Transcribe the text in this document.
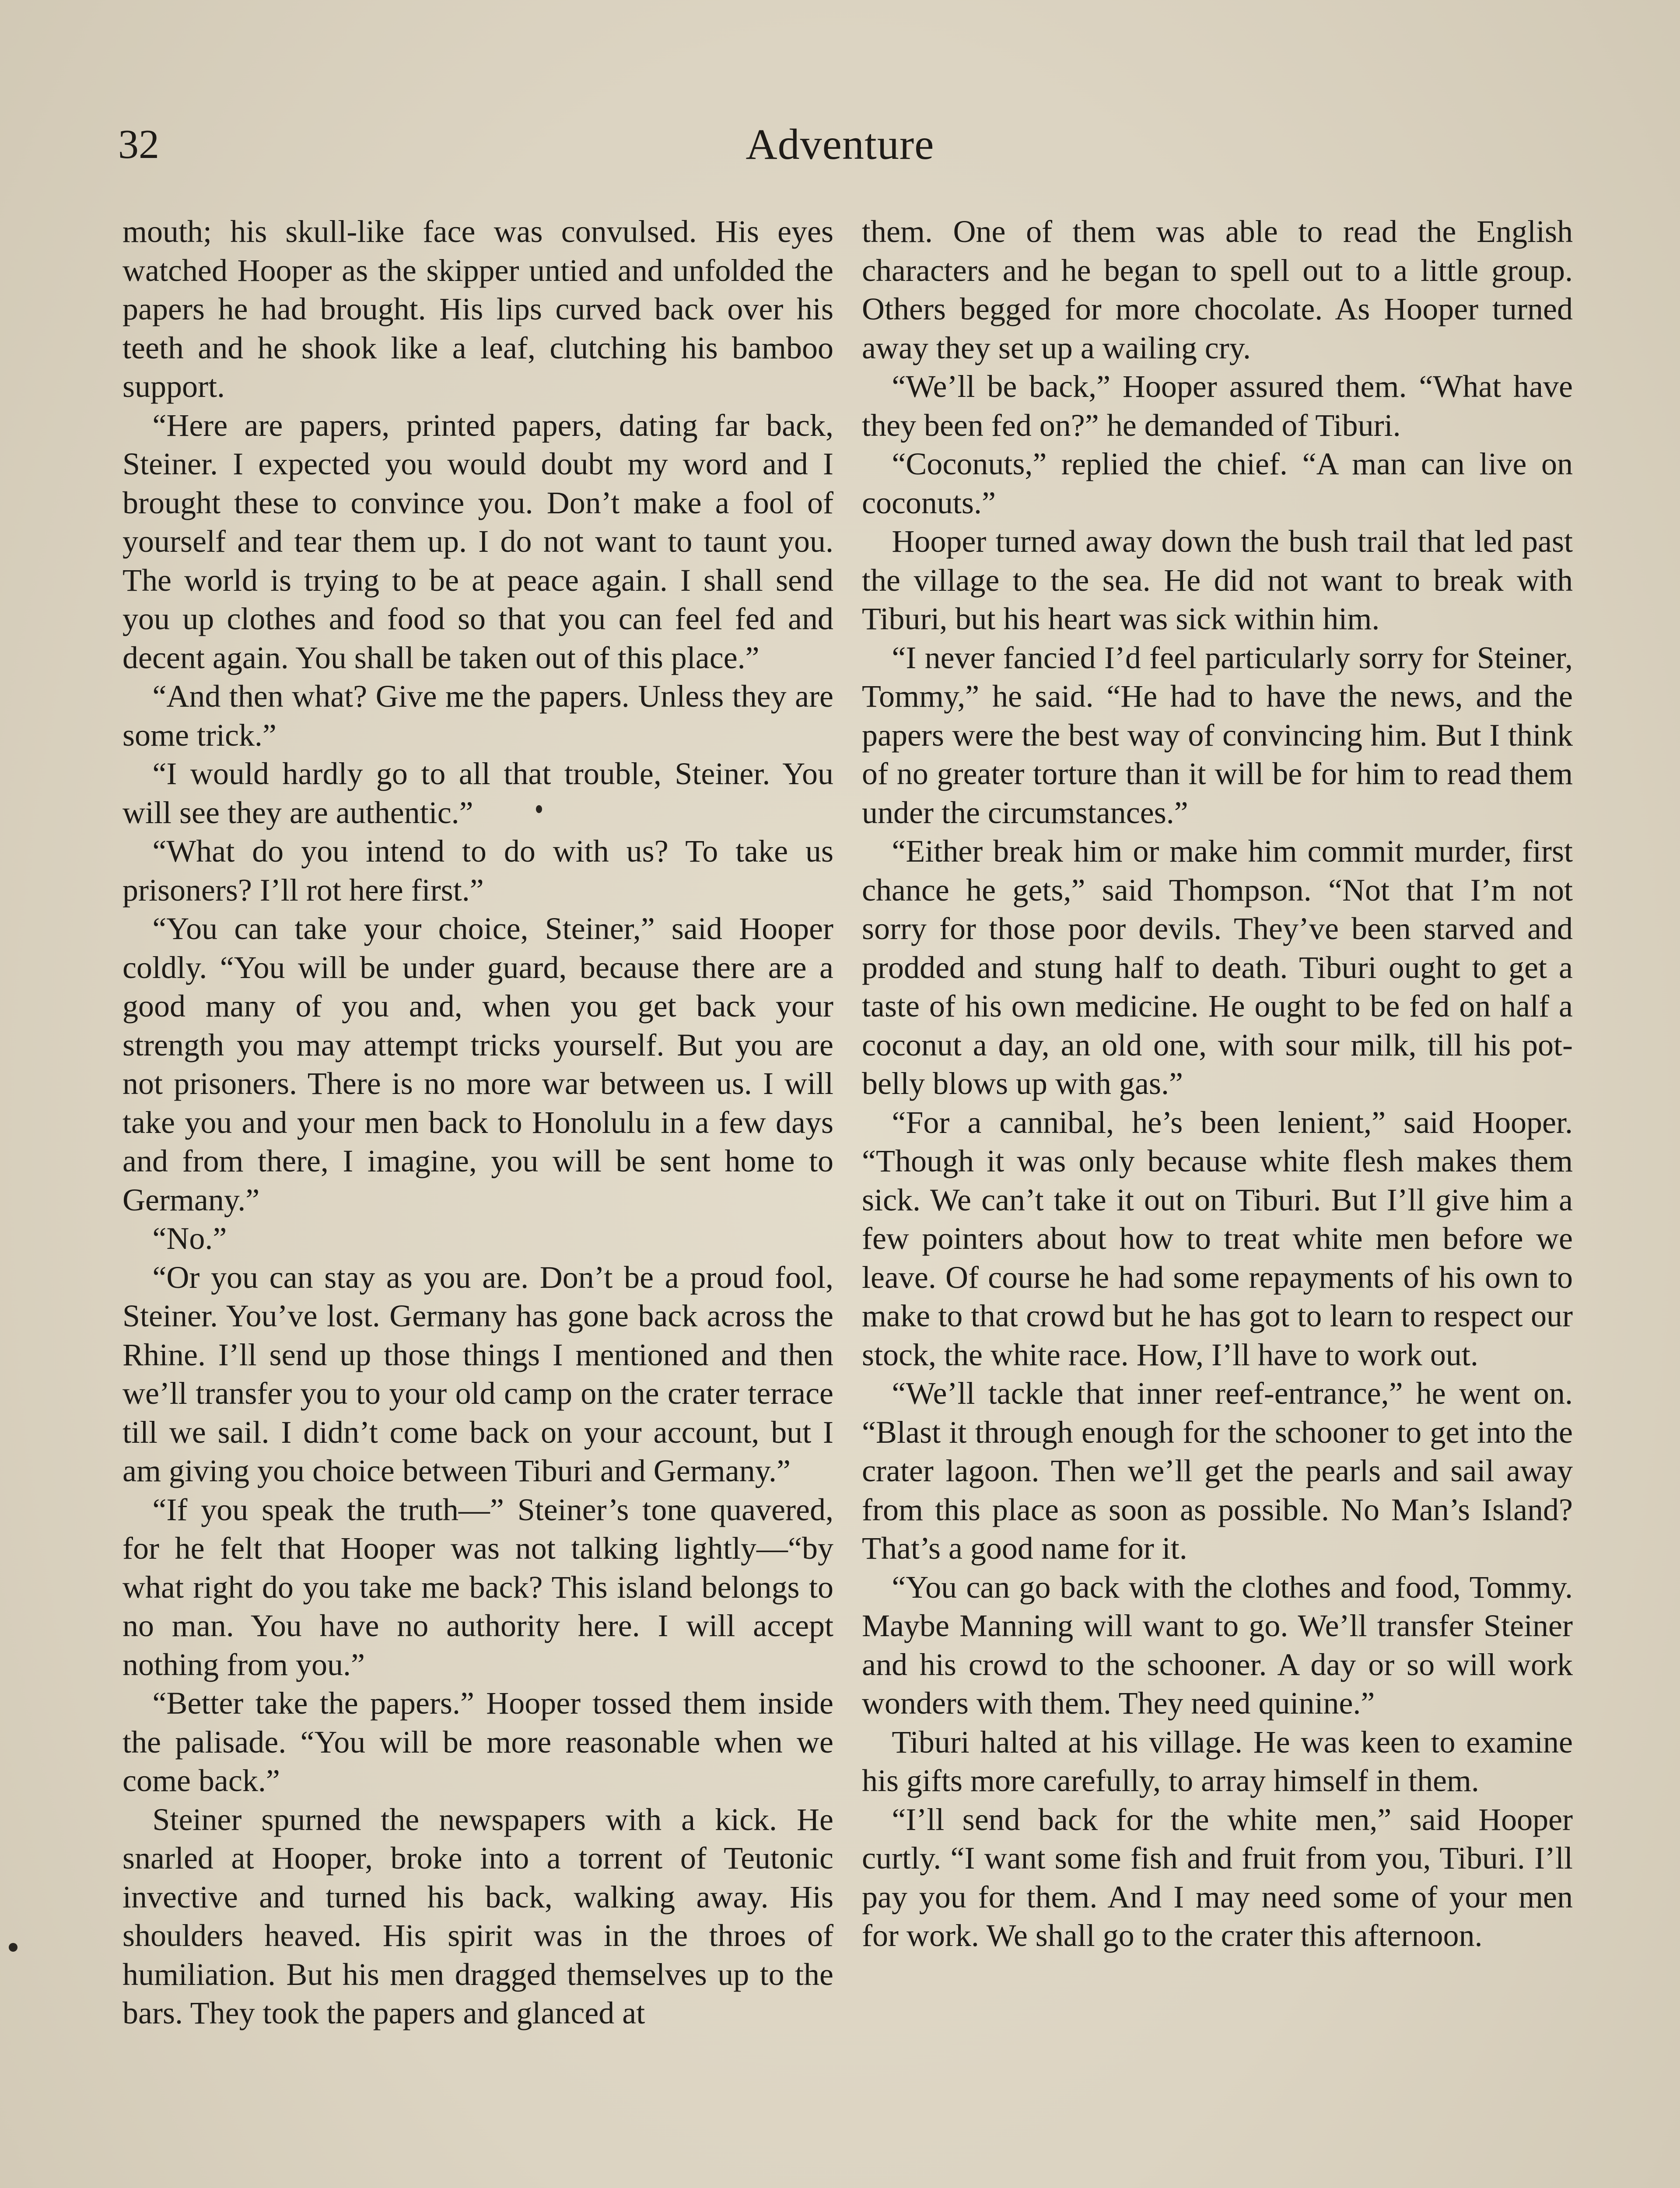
32	Adventure

mouth; his skull-like face was convulsed. His eyes watched Hooper as the skipper untied and unfolded the papers he had brought. His lips curved back over his teeth and he shook like a leaf, clutching his bamboo support.

“Here are papers, printed papers, dating far back, Steiner. I expected you would doubt my word and I brought these to convince you. Don’t make a fool of yourself and tear them up. I do not want to taunt you. The world is trying to be at peace again. I shall send you up clothes and food so that you can feel fed and decent again. You shall be taken out of this place.”

“And then what? Give me the papers. Unless they are some trick.”

“I would hardly go to all that trouble, Steiner. You will see they are authentic.”

“What do you intend to do with us? To take us prisoners? I’ll rot here first.”

“You can take your choice, Steiner,” said Hooper coldly. “You will be under guard, because there are a good many of you and, when you get back your strength you may attempt tricks yourself. But you are not prisoners. There is no more war between us. I will take you and your men back to Honolulu in a few days and from there, I imagine, you will be sent home to Germany.”

“No.”

“Or you can stay as you are. Don’t be a proud fool, Steiner. You’ve lost. Germany has gone back across the Rhine. I’ll send up those things I mentioned and then we’ll transfer you to your old camp on the crater terrace till we sail. I didn’t come back on your account, but I am giving you choice between Tiburi and Germany.”

“If you speak the truth—” Steiner’s tone quavered, for he felt that Hooper was not talking lightly—“by what right do you take me back? This island belongs to no man. You have no authority here. I will accept nothing from you.”

“Better take the papers.” Hooper tossed them inside the palisade. “You will be more reasonable when we come back.”

Steiner spurned the newspapers with a kick. He snarled at Hooper, broke into a torrent of Teutonic invective and turned his back, walking away. His shoulders heaved. His spirit was in the throes of humiliation. But his men dragged themselves up to the bars. They took the papers and glanced at

them. One of them was able to read the English characters and he began to spell out to a little group. Others begged for more chocolate. As Hooper turned away they set up a wailing cry.

“We’ll be back,” Hooper assured them. “What have they been fed on?” he demanded of Tiburi.

“Coconuts,” replied the chief. “A man can live on coconuts.”

Hooper turned away down the bush trail that led past the village to the sea. He did not want to break with Tiburi, but his heart was sick within him.

“I never fancied I’d feel particularly sorry for Steiner, Tommy,” he said. “He had to have the news, and the papers were the best way of convincing him. But I think of no greater torture than it will be for him to read them under the circumstances.”

“Either break him or make him commit murder, first chance he gets,” said Thompson. “Not that I’m not sorry for those poor devils. They’ve been starved and prodded and stung half to death. Tiburi ought to get a taste of his own medicine. He ought to be fed on half a coconut a day, an old one, with sour milk, till his pot-belly blows up with gas.”

“For a cannibal, he’s been lenient,” said Hooper. “Though it was only because white flesh makes them sick. We can’t take it out on Tiburi. But I’ll give him a few pointers about how to treat white men before we leave. Of course he had some repayments of his own to make to that crowd but he has got to learn to respect our stock, the white race. How, I’ll have to work out.

“We’ll tackle that inner reef-entrance,” he went on. “Blast it through enough for the schooner to get into the crater lagoon. Then we’ll get the pearls and sail away from this place as soon as possible. No Man’s Island? That’s a good name for it.

“You can go back with the clothes and food, Tommy. Maybe Manning will want to go. We’ll transfer Steiner and his crowd to the schooner. A day or so will work wonders with them. They need quinine.”

Tiburi halted at his village. He was keen to examine his gifts more carefully, to array himself in them.

“I’ll send back for the white men,” said Hooper curtly. “I want some fish and fruit from you, Tiburi. I’ll pay you for them. And I may need some of your men for work. We shall go to the crater this afternoon.
